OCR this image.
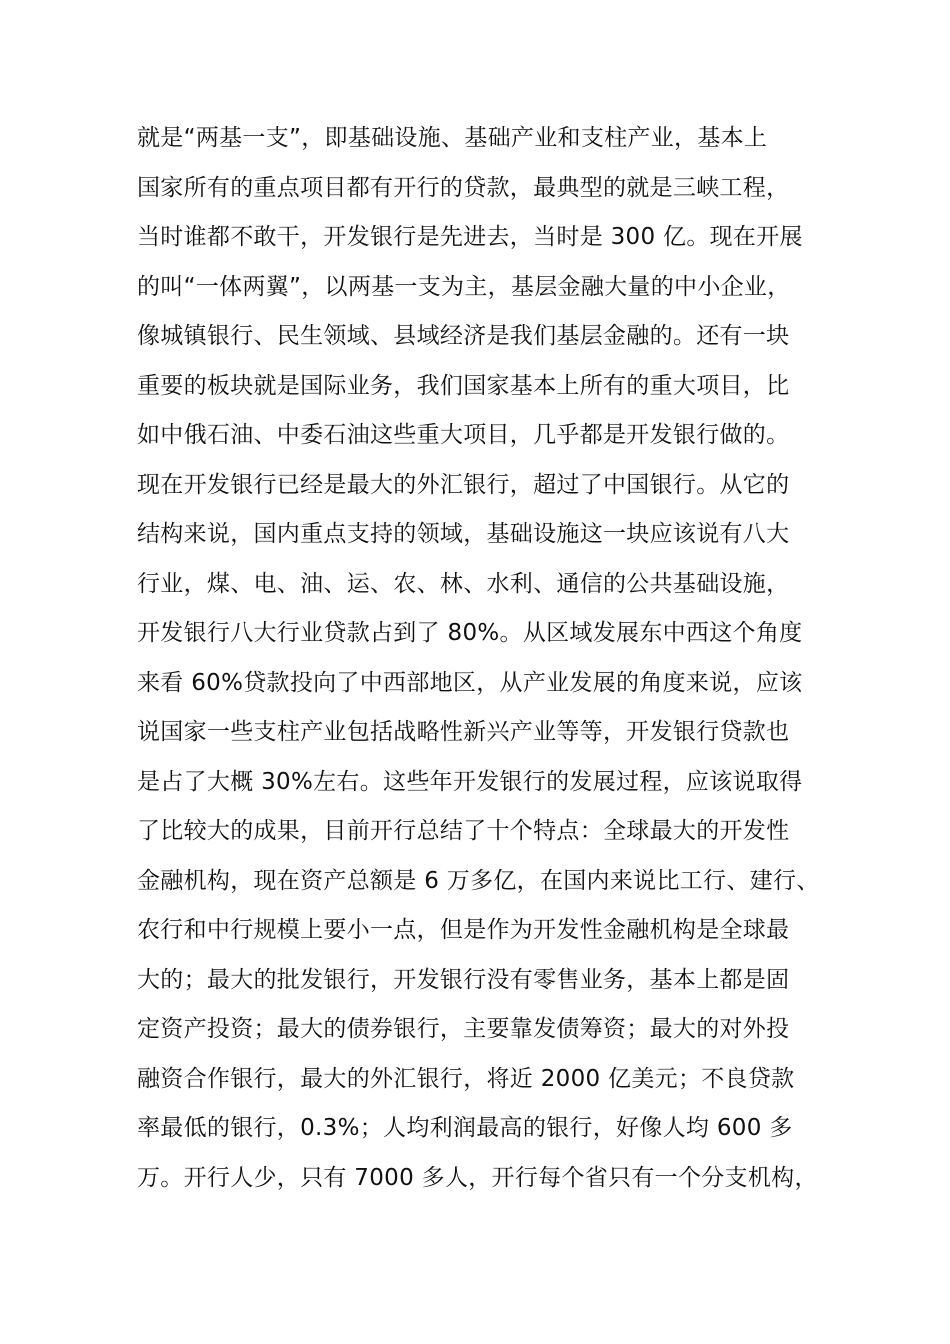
就是“两基一支”，即基础设施、基础产业和支柱产业，基本上
国家所有的重点项目都有开行的贷款，最典型的就是三峡工程，
当时谁都不敢干，开发银行是先进去，当时是 300 亿。现在开展
的叫“一体两翼”，以两基一支为主，基层金融大量的中小企业，
像城镇银行、民生领域、县域经济是我们基层金融的。还有一块
重要的板块就是国际业务，我们国家基本上所有的重大项目，比
如中俄石油、中委石油这些重大项目，几乎都是开发银行做的。
现在开发银行已经是最大的外汇银行，超过了中国银行。从它的
结构来说，国内重点支持的领域，基础设施这一块应该说有八大
行业，煤、电、油、运、农、林、水利、通信的公共基础设施，
开发银行八大行业贷款占到了 80%。从区域发展东中西这个角度
来看 60%贷款投向了中西部地区，从产业发展的角度来说，应该
说国家一些支柱产业包括战略性新兴产业等等，开发银行贷款也
是占了大概 30%左右。这些年开发银行的发展过程，应该说取得
了比较大的成果，目前开行总结了十个特点：全球最大的开发性
金融机构，现在资产总额是 6 万多亿，在国内来说比工行、建行、
农行和中行规模上要小一点，但是作为开发性金融机构是全球最
大的；最大的批发银行，开发银行没有零售业务，基本上都是固
定资产投资；最大的债券银行，主要靠发债筹资；最大的对外投
融资合作银行，最大的外汇银行，将近 2000 亿美元；不良贷款
率最低的银行，0.3%；人均利润最高的银行，好像人均 600 多
万。开行人少，只有 7000 多人，开行每个省只有一个分支机构，
